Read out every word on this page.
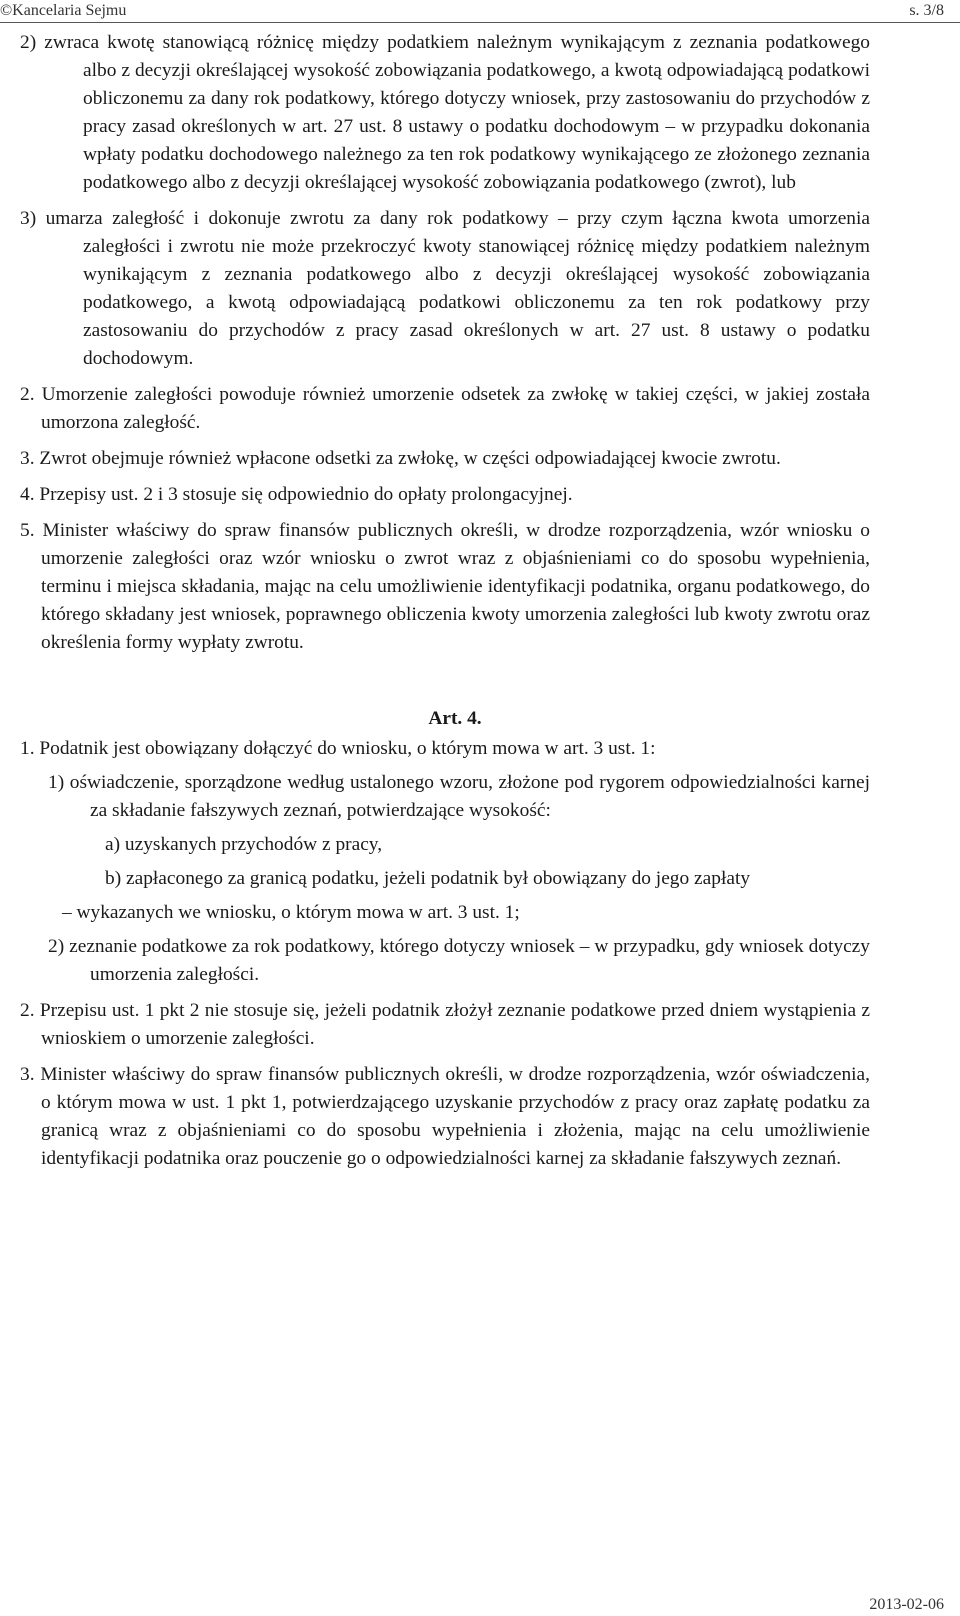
©Kancelaria Sejmu	s. 3/8

2) zwraca kwotę stanowiącą różnicę między podatkiem należnym wynikającym z zeznania podatkowego albo z decyzji określającej wysokość zobowiązania podatkowego, a kwotą odpowiadającą podatkowi obliczonemu za dany rok podatkowy, którego dotyczy wniosek, przy zastosowaniu do przychodów z pracy zasad określonych w art. 27 ust. 8 ustawy o podatku dochodowym – w przypadku dokonania wpłaty podatku dochodowego należnego za ten rok podatkowy wynikającego ze złożonego zeznania podatkowego albo z decyzji określającej wysokość zobowiązania podatkowego (zwrot), lub

3) umarza zaległość i dokonuje zwrotu za dany rok podatkowy – przy czym łączna kwota umorzenia zaległości i zwrotu nie może przekroczyć kwoty stanowiącej różnicę między podatkiem należnym wynikającym z zeznania podatkowego albo z decyzji określającej wysokość zobowiązania podatkowego, a kwotą odpowiadającą podatkowi obliczonemu za ten rok podatkowy przy zastosowaniu do przychodów z pracy zasad określonych w art. 27 ust. 8 ustawy o podatku dochodowym.

2. Umorzenie zaległości powoduje również umorzenie odsetek za zwłokę w takiej części, w jakiej została umorzona zaległość.

3. Zwrot obejmuje również wpłacone odsetki za zwłokę, w części odpowiadającej kwocie zwrotu.

4. Przepisy ust. 2 i 3 stosuje się odpowiednio do opłaty prolongacyjnej.

5. Minister właściwy do spraw finansów publicznych określi, w drodze rozporządzenia, wzór wniosku o umorzenie zaległości oraz wzór wniosku o zwrot wraz z objaśnieniami co do sposobu wypełnienia, terminu i miejsca składania, mając na celu umożliwienie identyfikacji podatnika, organu podatkowego, do którego składany jest wniosek, poprawnego obliczenia kwoty umorzenia zaległości lub kwoty zwrotu oraz określenia formy wypłaty zwrotu.

Art. 4.

1. Podatnik jest obowiązany dołączyć do wniosku, o którym mowa w art. 3 ust. 1:

1) oświadczenie, sporządzone według ustalonego wzoru, złożone pod rygorem odpowiedzialności karnej za składanie fałszywych zeznań, potwierdzające wysokość:

a) uzyskanych przychodów z pracy,

b) zapłaconego za granicą podatku, jeżeli podatnik był obowiązany do jego zapłaty

– wykazanych we wniosku, o którym mowa w art. 3 ust. 1;

2) zeznanie podatkowe za rok podatkowy, którego dotyczy wniosek – w przypadku, gdy wniosek dotyczy umorzenia zaległości.

2. Przepisu ust. 1 pkt 2 nie stosuje się, jeżeli podatnik złożył zeznanie podatkowe przed dniem wystąpienia z wnioskiem o umorzenie zaległości.

3. Minister właściwy do spraw finansów publicznych określi, w drodze rozporządzenia, wzór oświadczenia, o którym mowa w ust. 1 pkt 1, potwierdzającego uzyskanie przychodów z pracy oraz zapłatę podatku za granicą wraz z objaśnieniami co do sposobu wypełnienia i złożenia, mając na celu umożliwienie identyfikacji podatnika oraz pouczenie go o odpowiedzialności karnej za składanie fałszywych zeznań.

2013-02-06
